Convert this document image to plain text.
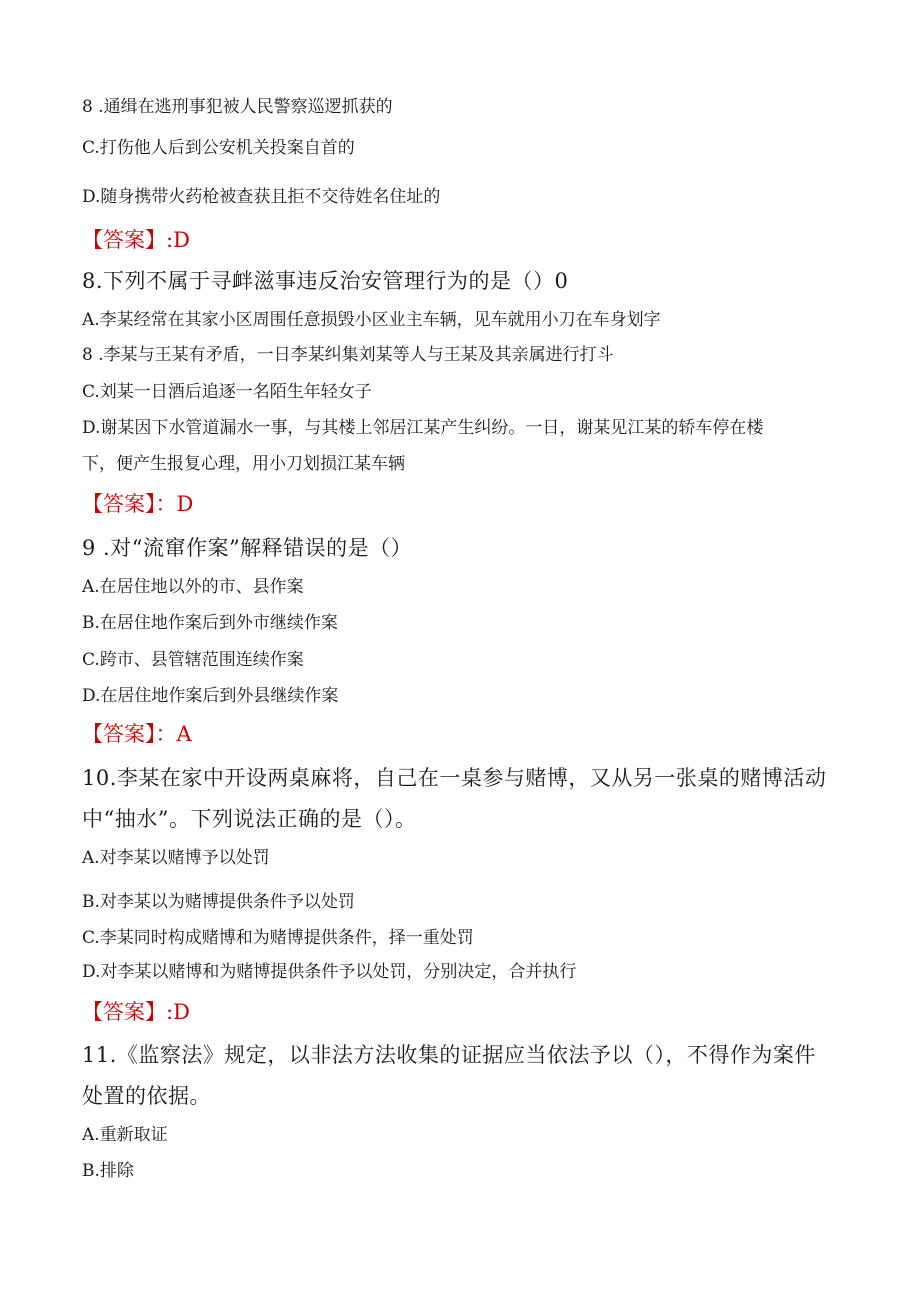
8 .通缉在逃刑事犯被人民警察巡逻抓获的
C.打伤他人后到公安机关投案自首的
D.随身携带火药枪被查获且拒不交待姓名住址的
【答案】:D
8.下列不属于寻衅滋事违反治安管理行为的是（）0
A.李某经常在其家小区周围任意损毁小区业主车辆，见车就用小刀在车身划字
8 .李某与王某有矛盾，一日李某纠集刘某等人与王某及其亲属进行打斗
C.刘某一日酒后追逐一名陌生年轻女子
D.谢某因下水管道漏水一事，与其楼上邻居江某产生纠纷。一日，谢某见江某的轿车停在楼
下，便产生报复心理，用小刀划损江某车辆
【答案】：D
9 .对“流窜作案”解释错误的是（）
A.在居住地以外的市、县作案
B.在居住地作案后到外市继续作案
C.跨市、县管辖范围连续作案
D.在居住地作案后到外县继续作案
【答案】：A
10.李某在家中开设两桌麻将，自己在一桌参与赌博，又从另一张桌的赌博活动
中“抽水”。下列说法正确的是（）。
A.对李某以赌博予以处罚
B.对李某以为赌博提供条件予以处罚
C.李某同时构成赌博和为赌博提供条件，择一重处罚
D.对李某以赌博和为赌博提供条件予以处罚，分别决定，合并执行
【答案】:D
11.《监察法》规定，以非法方法收集的证据应当依法予以（），不得作为案件
处置的依据。
A.重新取证
B.排除
